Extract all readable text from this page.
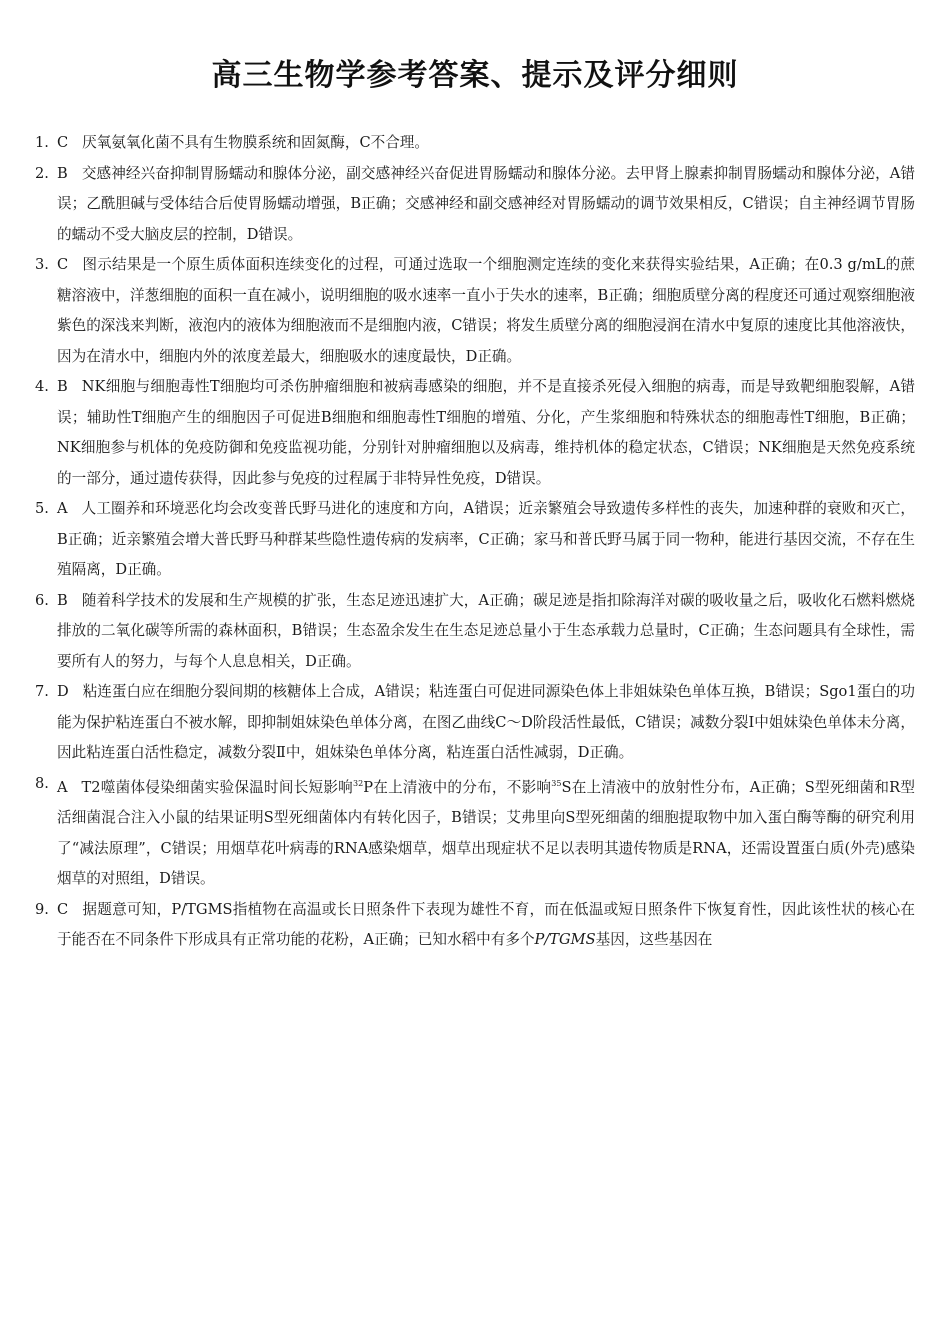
高三生物学参考答案、提示及评分细则
1. C 厌氧氨氧化菌不具有生物膜系统和固氮酶，C不合理。
2. B 交感神经兴奋抑制胃肠蠕动和腺体分泌，副交感神经兴奋促进胃肠蠕动和腺体分泌。去甲肾上腺素抑制胃肠蠕动和腺体分泌，A错误；乙酰胆碱与受体结合后使胃肠蠕动增强，B正确；交感神经和副交感神经对胃肠蠕动的调节效果相反，C错误；自主神经调节胃肠的蠕动不受大脑皮层的控制，D错误。
3. C 图示结果是一个原生质体面积连续变化的过程，可通过选取一个细胞测定连续的变化来获得实验结果，A正确；在0.3 g/mL的蔗糖溶液中，洋葱细胞的面积一直在减小，说明细胞的吸水速率一直小于失水的速率，B正确；细胞质壁分离的程度还可通过观察细胞液紫色的深浅来判断，液泡内的液体为细胞液而不是细胞内液，C错误；将发生质壁分离的细胞浸润在清水中复原的速度比其他溶液快，因为在清水中，细胞内外的浓度差最大，细胞吸水的速度最快，D正确。
4. B NK细胞与细胞毒性T细胞均可杀伤肿瘤细胞和被病毒感染的细胞，并不是直接杀死侵入细胞的病毒，而是导致靶细胞裂解，A错误；辅助性T细胞产生的细胞因子可促进B细胞和细胞毒性T细胞的增殖、分化，产生浆细胞和特殊状态的细胞毒性T细胞，B正确；NK细胞参与机体的免疫防御和免疫监视功能，分别针对肿瘤细胞以及病毒，维持机体的稳定状态，C错误；NK细胞是天然免疫系统的一部分，通过遗传获得，因此参与免疫的过程属于非特异性免疫，D错误。
5. A 人工圈养和环境恶化均会改变普氏野马进化的速度和方向，A错误；近亲繁殖会导致遗传多样性的丧失，加速种群的衰败和灭亡，B正确；近亲繁殖会增大普氏野马种群某些隐性遗传病的发病率，C正确；家马和普氏野马属于同一物种，能进行基因交流，不存在生殖隔离，D正确。
6. B 随着科学技术的发展和生产规模的扩张，生态足迹迅速扩大，A正确；碳足迹是指扣除海洋对碳的吸收量之后，吸收化石燃料燃烧排放的二氧化碳等所需的森林面积，B错误；生态盈余发生在生态足迹总量小于生态承载力总量时，C正确；生态问题具有全球性，需要所有人的努力，与每个人息息相关，D正确。
7. D 粘连蛋白应在细胞分裂间期的核糖体上合成，A错误；粘连蛋白可促进同源染色体上非姐妹染色单体互换，B错误；Sgo1蛋白的功能为保护粘连蛋白不被水解，即抑制姐妹染色单体分离，在图乙曲线C～D阶段活性最低，C错误；减数分裂Ⅰ中姐妹染色单体未分离，因此粘连蛋白活性稳定，减数分裂Ⅱ中，姐妹染色单体分离，粘连蛋白活性减弱，D正确。
8. A T2噬菌体侵染细菌实验保温时间长短影响$^{32}$P在上清液中的分布，不影响$^{35}$S在上清液中的放射性分布，A正确；S型死细菌和R型活细菌混合注入小鼠的结果证明S型死细菌体内有转化因子，B错误；艾弗里向S型死细菌的细胞提取物中加入蛋白酶等酶的研究利用了“减法原理”，C错误；用烟草花叶病毒的RNA感染烟草，烟草出现症状不足以表明其遗传物质是RNA，还需设置蛋白质(外壳)感染烟草的对照组，D错误。
9. C 据题意可知，P/TGMS指植物在高温或长日照条件下表现为雄性不育，而在低温或短日照条件下恢复育性，因此该性状的核心在于能否在不同条件下形成具有正常功能的花粉，A正确；已知水稻中有多个P/TGMS基因，这些基因在
